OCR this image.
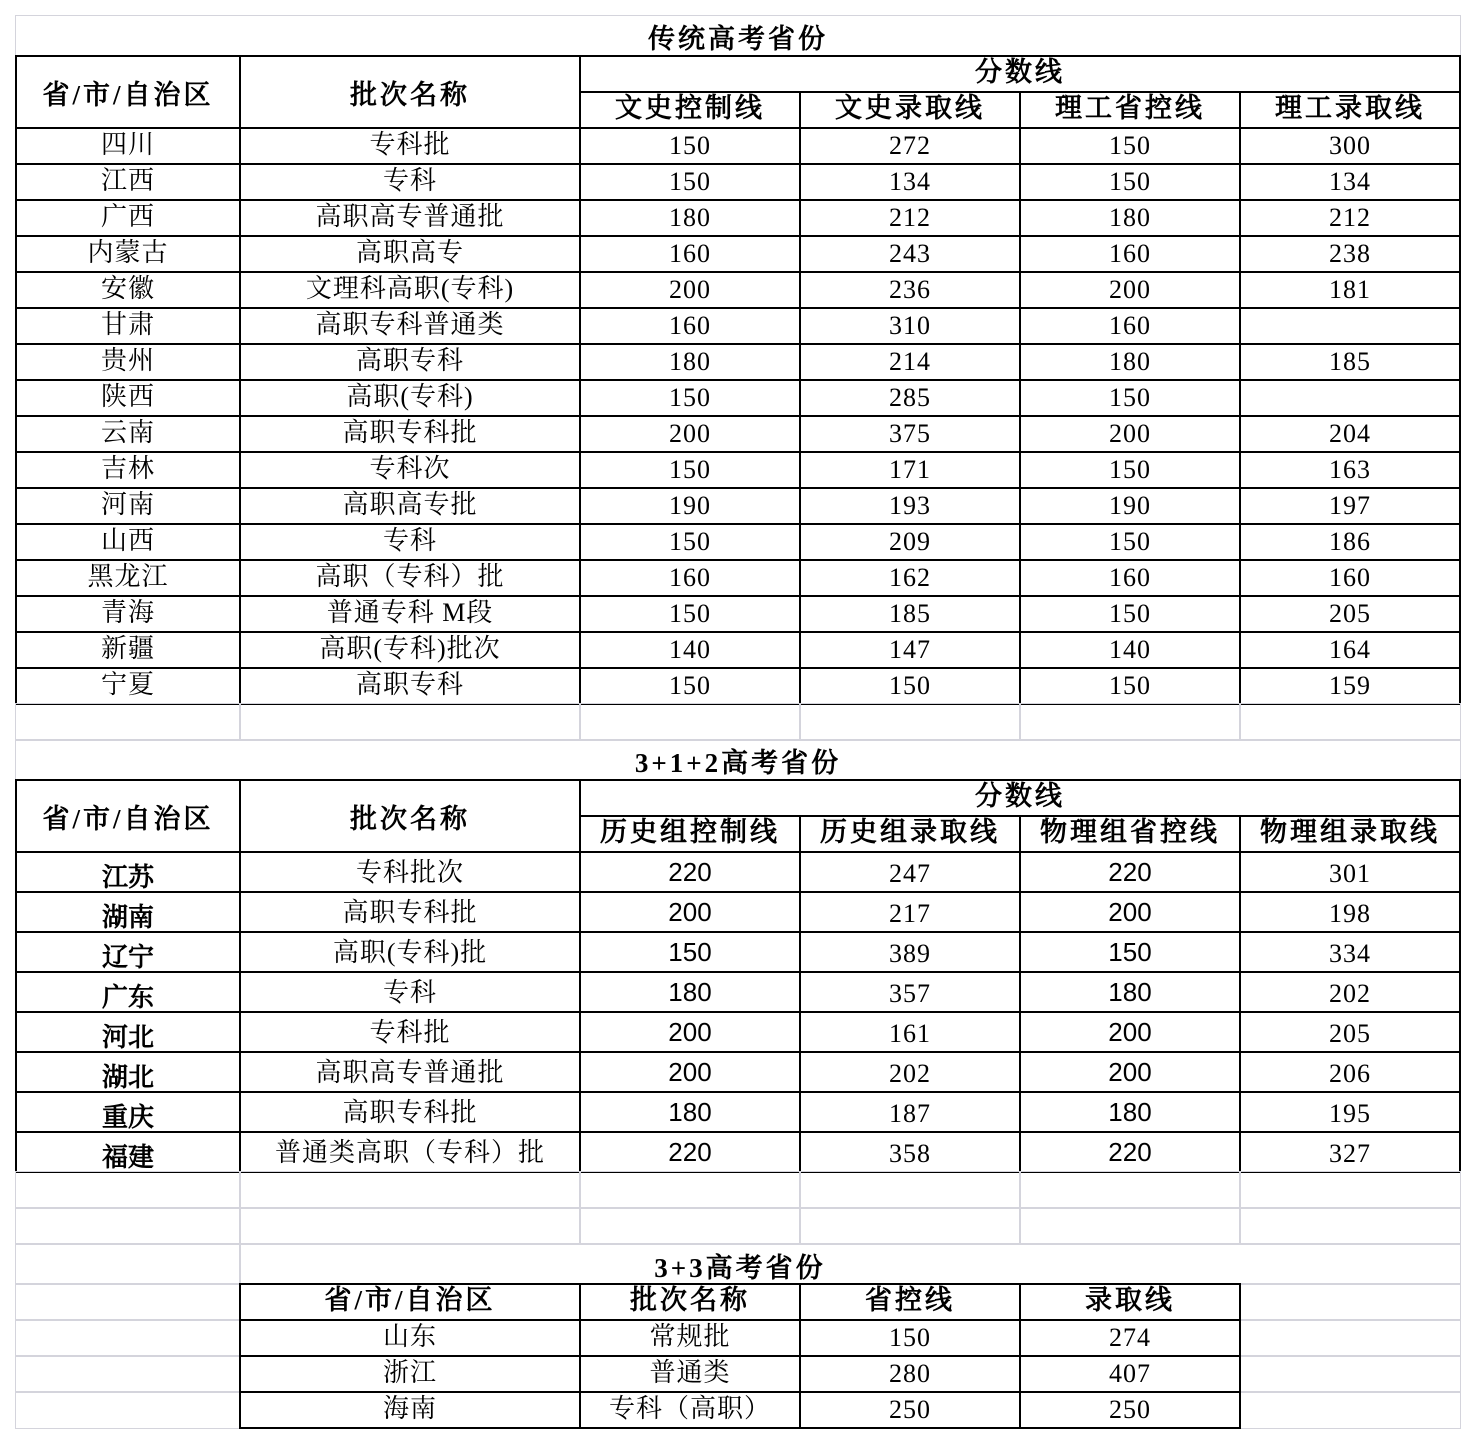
传统高考省份
省/市/自治区	批次名称
分数线
文史控制线	文史录取线	理工省控线	理工录取线
四川	专科批	150	272	150	300
江西	专科	150	134	150	134
广西	高职高专普通批	180	212	180	212
内蒙古	高职高专	160	243	160	238
安徽	文理科高职(专科)	200	236	200	181
甘肃	高职专科普通类	160	310	160
贵州	高职专科	180	214	180	185
陕西	高职(专科)	150	285	150
云南	高职专科批	200	375	200	204
吉林	专科次	150	171	150	163
河南	高职高专批	190	193	190	197
山西	专科	150	209	150	186
黑龙江	高职（专科）批	160	162	160	160
青海	普通专科 M段	150	185	150	205
新疆	高职(专科)批次	140	147	140	164
宁夏	高职专科	150	150	150	159
3+1+2高考省份
省/市/自治区	批次名称
分数线
历史组控制线	历史组录取线	物理组省控线	物理组录取线
江苏	专科批次	220	247	220	301
湖南	高职专科批	200	217	200	198
辽宁	高职(专科)批	150	389	150	334
广东	专科	180	357	180	202
河北	专科批	200	161	200	205
湖北	高职高专普通批	200	202	200	206
重庆	高职专科批	180	187	180	195
福建	普通类高职（专科）批	220	358	220	327
3+3高考省份
省/市/自治区	批次名称	省控线	录取线
山东	常规批	150	274
浙江	普通类	280	407
海南	专科（高职）	250	250
